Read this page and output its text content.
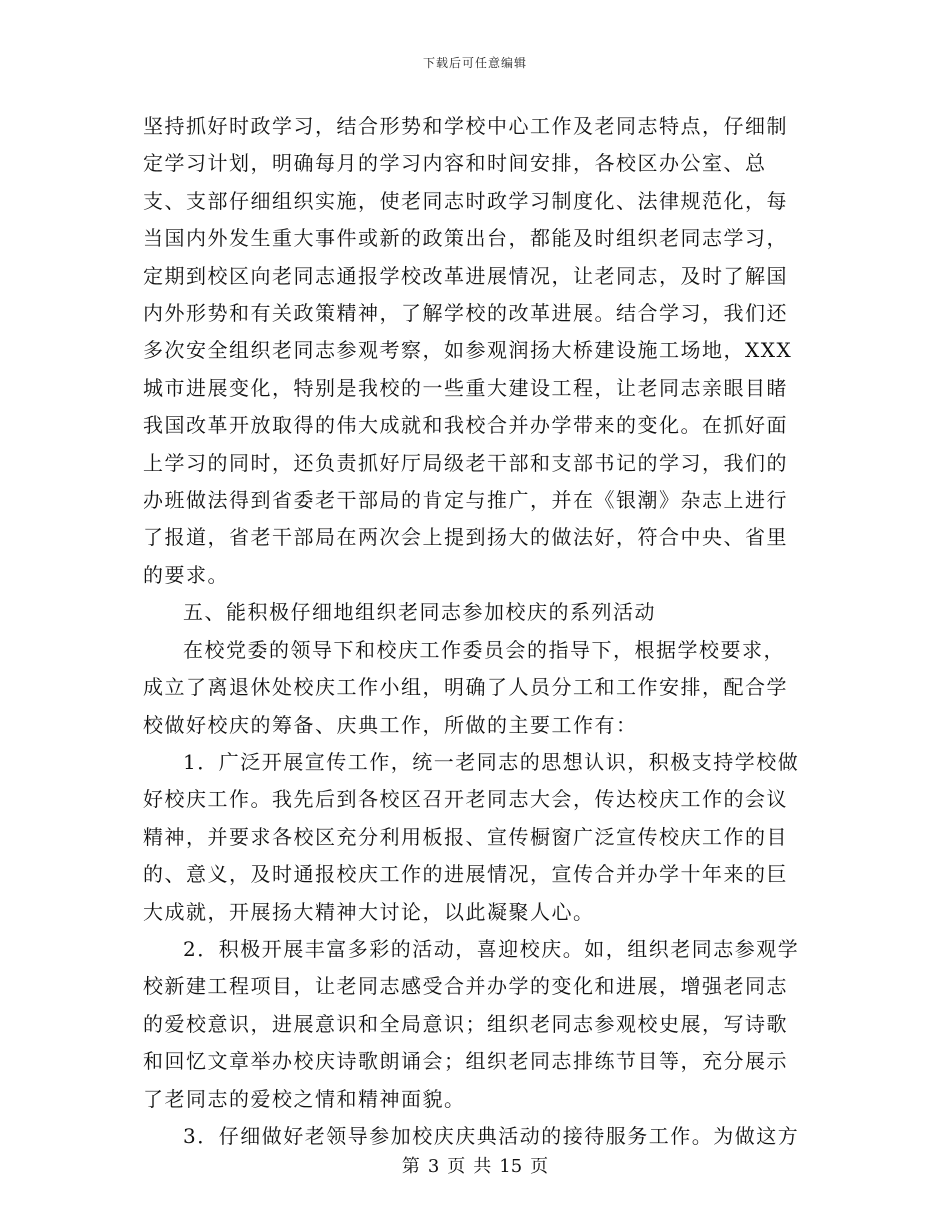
下载后可任意编辑

坚持抓好时政学习，结合形势和学校中心工作及老同志特点，仔细制定学习计划，明确每月的学习内容和时间安排，各校区办公室、总支、支部仔细组织实施，使老同志时政学习制度化、法律规范化，每当国内外发生重大事件或新的政策出台，都能及时组织老同志学习，定期到校区向老同志通报学校改革进展情况，让老同志，及时了解国内外形势和有关政策精神，了解学校的改革进展。结合学习，我们还多次安全组织老同志参观考察，如参观润扬大桥建设施工场地，XXX城市进展变化，特别是我校的一些重大建设工程，让老同志亲眼目睹我国改革开放取得的伟大成就和我校合并办学带来的变化。在抓好面上学习的同时，还负责抓好厅局级老干部和支部书记的学习，我们的办班做法得到省委老干部局的肯定与推广，并在《银潮》杂志上进行了报道，省老干部局在两次会上提到扬大的做法好，符合中央、省里的要求。

五、能积极仔细地组织老同志参加校庆的系列活动

在校党委的领导下和校庆工作委员会的指导下，根据学校要求，成立了离退休处校庆工作小组，明确了人员分工和工作安排，配合学校做好校庆的筹备、庆典工作，所做的主要工作有：

1．广泛开展宣传工作，统一老同志的思想认识，积极支持学校做好校庆工作。我先后到各校区召开老同志大会，传达校庆工作的会议精神，并要求各校区充分利用板报、宣传橱窗广泛宣传校庆工作的目的、意义，及时通报校庆工作的进展情况，宣传合并办学十年来的巨大成就，开展扬大精神大讨论，以此凝聚人心。

2．积极开展丰富多彩的活动，喜迎校庆。如，组织老同志参观学校新建工程项目，让老同志感受合并办学的变化和进展，增强老同志的爱校意识，进展意识和全局意识；组织老同志参观校史展，写诗歌和回忆文章举办校庆诗歌朗诵会；组织老同志排练节目等，充分展示了老同志的爱校之情和精神面貌。

3．仔细做好老领导参加校庆庆典活动的接待服务工作。为做这方

第 3 页 共 15 页
